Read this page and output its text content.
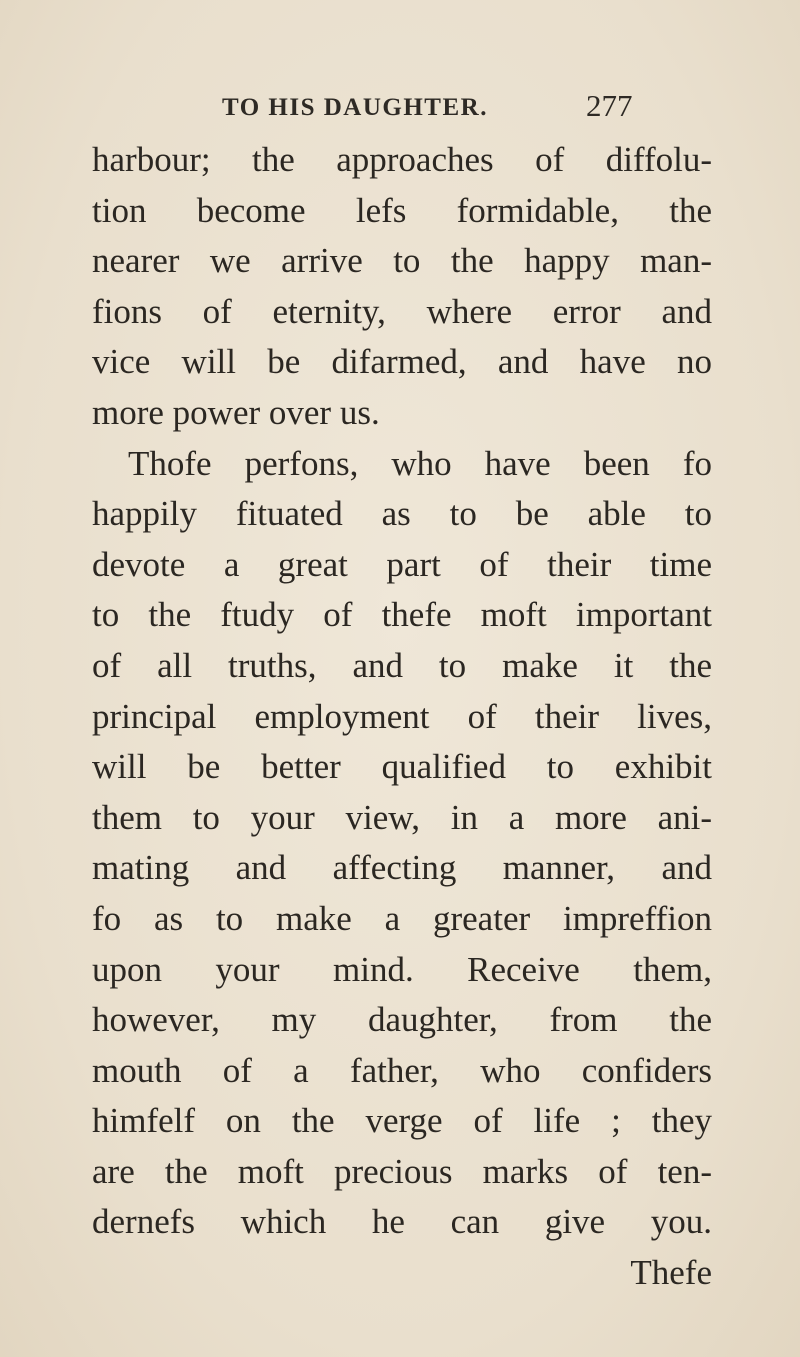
TO HIS DAUGHTER.	277
harbour; the approaches of diffolu-
tion become lefs formidable, the
nearer we arrive to the happy man-
fions of eternity, where error and
vice will be difarmed, and have no
more power over us.
Thofe perfons, who have been fo
happily fituated as to be able to
devote a great part of their time
to the ftudy of thefe moft important
of all truths, and to make it the
principal employment of their lives,
will be better qualified to exhibit
them to your view, in a more ani-
mating and affecting manner, and
fo as to make a greater impreffion
upon your mind. Receive them,
however, my daughter, from the
mouth of a father, who confiders
himfelf on the verge of life ; they
are the moft precious marks of ten-
dernefs which he can give you.
Thefe
